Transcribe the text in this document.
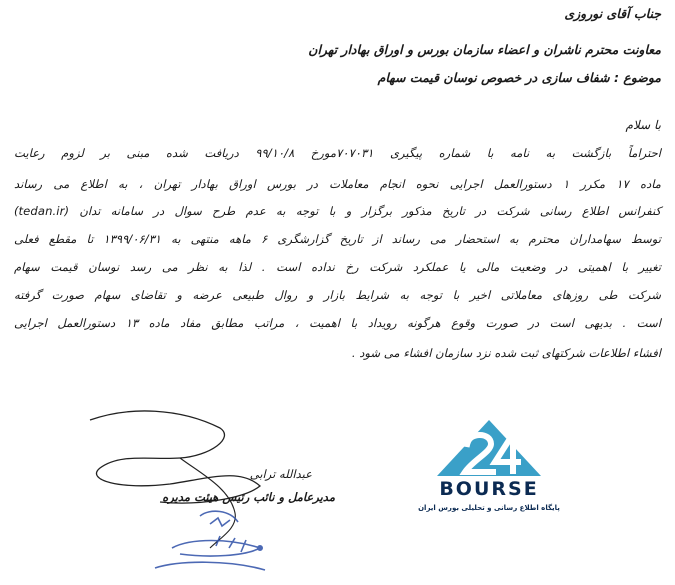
جناب آقای نوروزی
معاونت محترم ناشران و اعضاء سازمان بورس و اوراق بهادار تهران
موضوع : شفاف سازی در خصوص نوسان قیمت سهام
با سلام
احتراماً بازگشت به نامه با شماره پیگیری ۷۰۷۰۳۱مورخ ۹۹/۱۰/۸ دریافت شده مبنی بر لزوم رعایت
ماده ۱۷ مکرر ۱ دستورالعمل اجرایی نحوه انجام معاملات در بورس اوراق بهادار تهران ، به اطلاع می رساند
کنفرانس اطلاع رسانی شرکت در تاریخ مذکور برگزار و با توجه به عدم طرح سوال در سامانه تدان (tedan.ir)
توسط سهامداران محترم به استحضار می رساند از تاریخ گزارشگری ۶ ماهه منتهی به ۱۳۹۹/۰۶/۳۱ تا مقطع فعلی
تغییر با اهمیتی در وضعیت مالی یا عملکرد شرکت رخ نداده است . لذا به نظر می رسد نوسان قیمت سهام
شرکت طی روزهای معاملاتی اخیر با توجه به شرایط بازار و روال طبیعی عرضه و تقاضای سهام صورت گرفته
است . بدیهی است در صورت وقوع هرگونه رویداد با اهمیت ، مراتب مطابق مفاد ماده ۱۳ دستورالعمل اجرایی
افشاء اطلاعات شرکتهای ثبت شده نزد سازمان افشاء می شود .
عبدالله ترابی
مدیرعامل و نائب رئیس هیئت مدیره	BOURSE
پایگاه اطلاع رسانی و تحلیلی بورس ایران
